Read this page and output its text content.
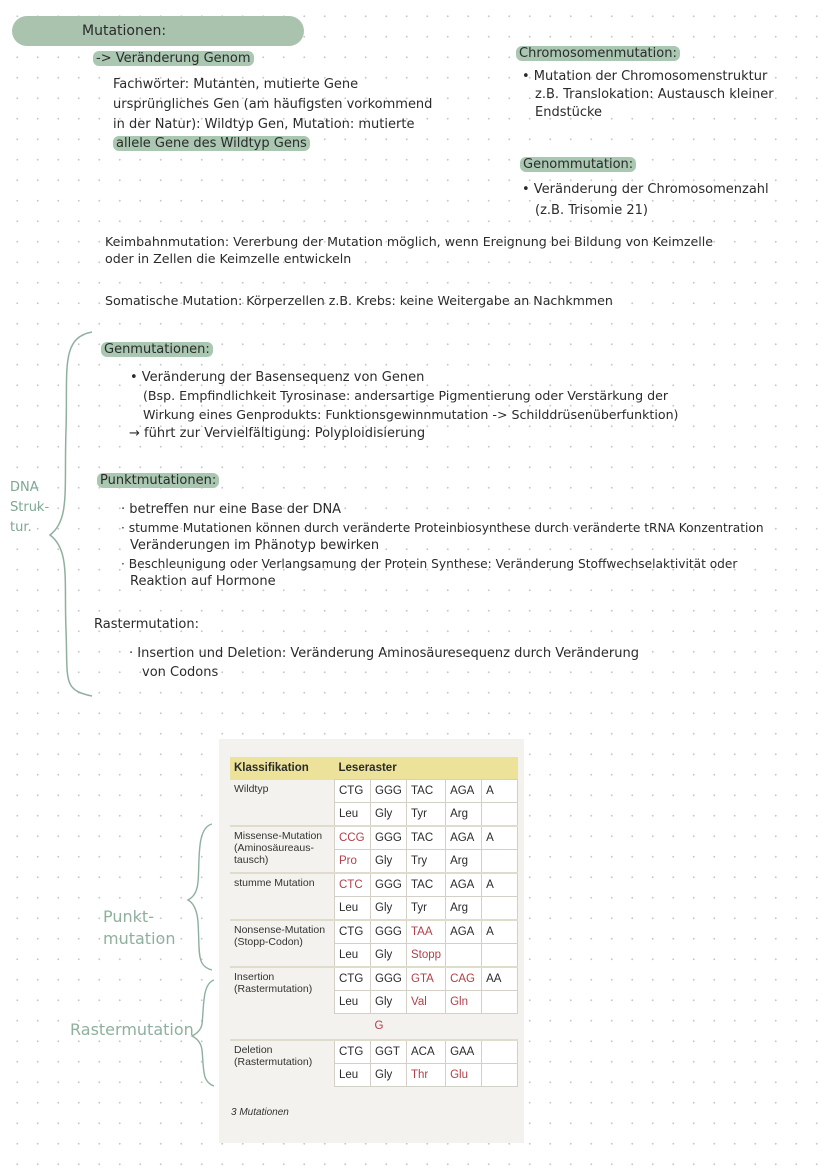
Mutationen:
-> Veränderung Genom
Fachwörter: Mutanten, mutierte Gene
ursprüngliches Gen (am häufigsten vorkommend
in der Natur): Wildtyp Gen, Mutation: mutierte
allele Gene des Wildtyp Gens
Chromosomenmutation:
• Mutation der Chromosomenstruktur
z.B. Translokation: Austausch kleiner
Endstücke
Genommutation:
• Veränderung der Chromosomenzahl
(z.B. Trisomie 21)
Keimbahnmutation: Vererbung der Mutation möglich, wenn Ereignung bei Bildung von Keimzelle
oder in Zellen die Keimzelle entwickeln
Somatische Mutation: Körperzellen z.B. Krebs: keine Weitergabe an Nachkmmen
DNA
Struk-
tur.
Genmutationen:
• Veränderung der Basensequenz von Genen
(Bsp. Empfindlichkeit Tyrosinase: andersartige Pigmentierung oder Verstärkung der
Wirkung eines Genprodukts: Funktionsgewinnmutation -> Schilddrüsenüberfunktion)
→ führt zur Vervielfältigung: Polyploidisierung
Punktmutationen:
· betreffen nur eine Base der DNA
· stumme Mutationen können durch veränderte Proteinbiosynthese durch veränderte tRNA Konzentration
Veränderungen im Phänotyp bewirken
· Beschleunigung oder Verlangsamung der Protein Synthese: Veränderung Stoffwechselaktivität oder
Reaktion auf Hormone
Rastermutation:
· Insertion und Deletion: Veränderung Aminosäuresequenz durch Veränderung
von Codons
Punkt-
mutation
Rastermutation
Klassifikation	Leseraster				
Wildtyp	CTG	GGG	TAC	AGA	A
	Leu	Gly	Tyr	Arg	
Missense-Mutation (Aminosäureaus-tausch)	CCG	GGG	TAC	AGA	A
	Pro	Gly	Try	Arg	
stumme Mutation	CTC	GGG	TAC	AGA	A
	Leu	Gly	Tyr	Arg	
Nonsense-Mutation (Stopp-Codon)	CTG	GGG	TAA	AGA	A
	Leu	Gly	Stopp		
Insertion (Rastermutation)	CTG	GGG	GTA	CAG	AA
	Leu	Gly	Val	Gln	
		G			
Deletion (Rastermutation)	CTG	GGT	ACA	GAA	
	Leu	Gly	Thr	Glu	
3 Mutationen
